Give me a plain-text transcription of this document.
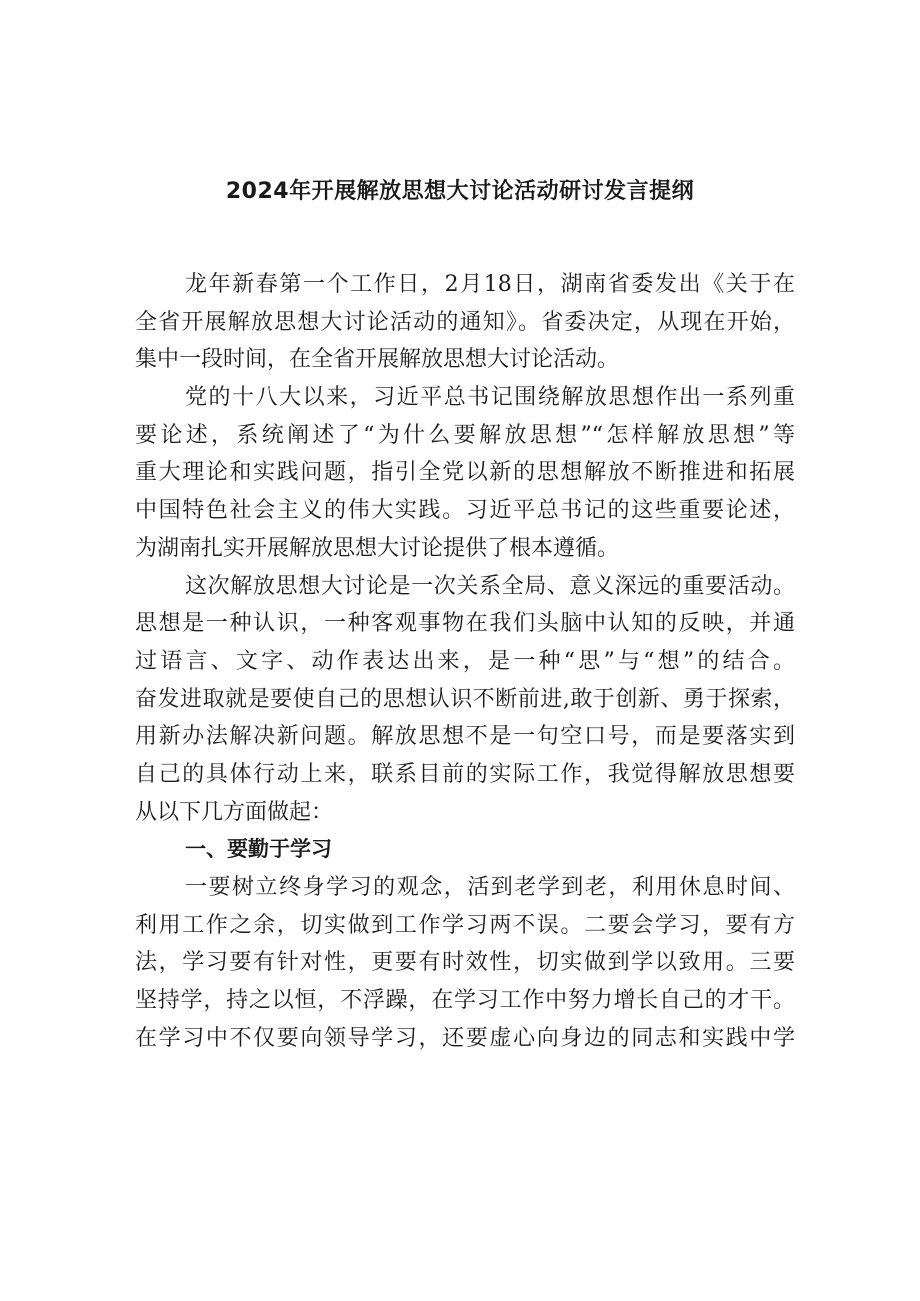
2024年开展解放思想大讨论活动研讨发言提纲
龙年新春第一个工作日，2月18日，湖南省委发出《关于在
全省开展解放思想大讨论活动的通知》。省委决定，从现在开始，
集中一段时间，在全省开展解放思想大讨论活动。
党的十八大以来，习近平总书记围绕解放思想作出一系列重
要论述，系统阐述了“为什么要解放思想”“怎样解放思想”等
重大理论和实践问题，指引全党以新的思想解放不断推进和拓展
中国特色社会主义的伟大实践。习近平总书记的这些重要论述，
为湖南扎实开展解放思想大讨论提供了根本遵循。
这次解放思想大讨论是一次关系全局、意义深远的重要活动。
思想是一种认识，一种客观事物在我们头脑中认知的反映，并通
过语言、文字、动作表达出来，是一种“思”与“想”的结合。
奋发进取就是要使自己的思想认识不断前进,敢于创新、勇于探索，
用新办法解决新问题。解放思想不是一句空口号，而是要落实到
自己的具体行动上来，联系目前的实际工作，我觉得解放思想要
从以下几方面做起：
一、要勤于学习
一要树立终身学习的观念，活到老学到老，利用休息时间、
利用工作之余，切实做到工作学习两不误。二要会学习，要有方
法，学习要有针对性，更要有时效性，切实做到学以致用。三要
坚持学，持之以恒，不浮躁，在学习工作中努力增长自己的才干。
在学习中不仅要向领导学习，还要虚心向身边的同志和实践中学
